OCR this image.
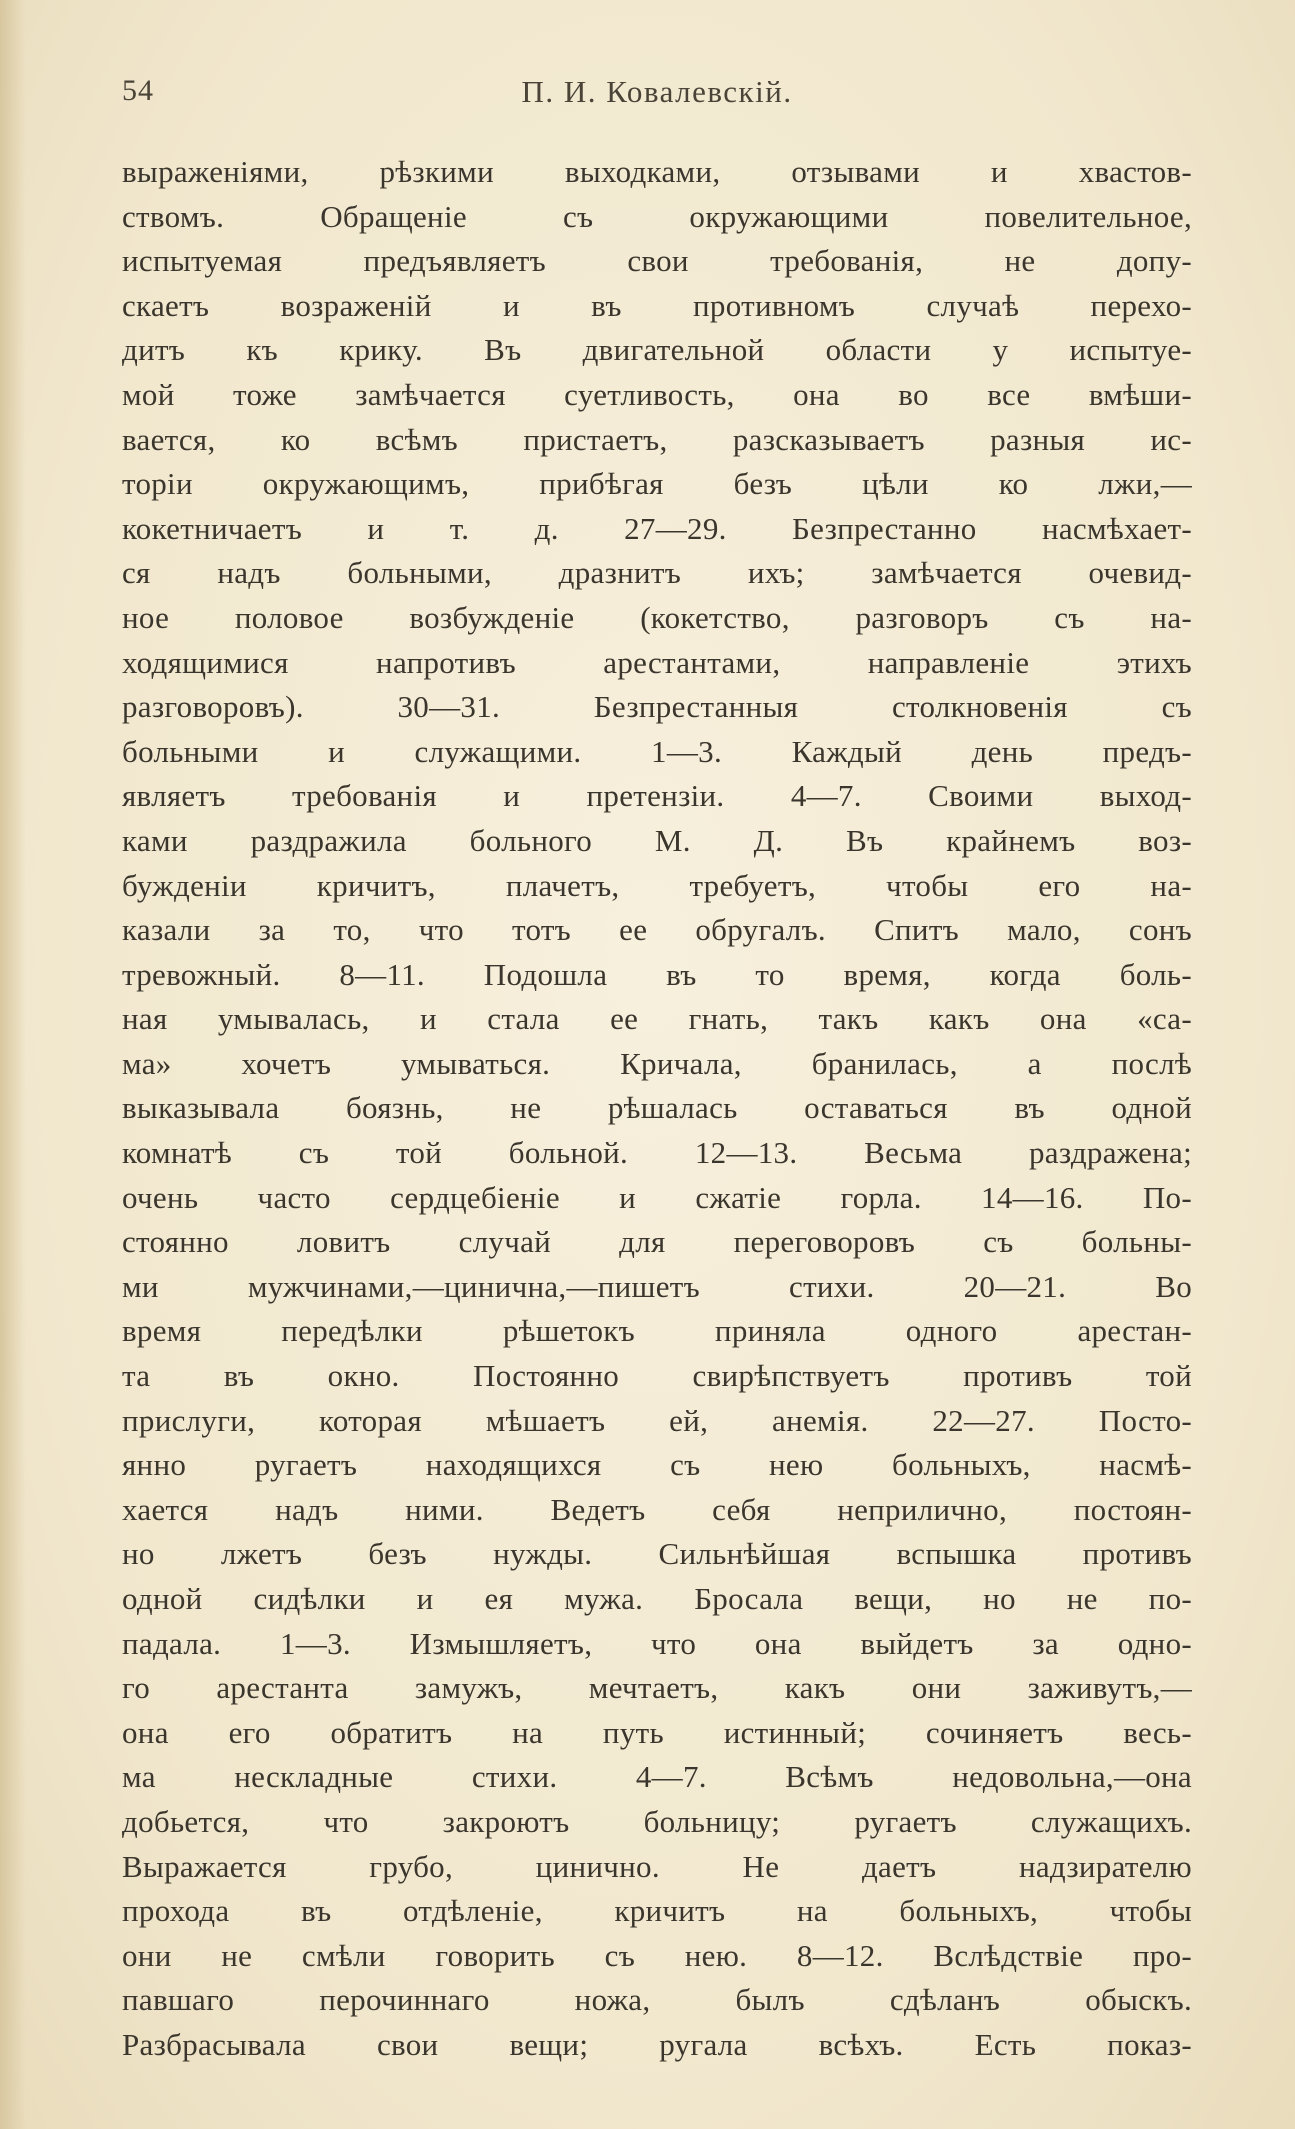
54	П. И. Ковалевскій.
выраженіями, рѣзкими выходками, отзывами и хвастов-
ствомъ. Обращеніе съ окружающими повелительное,
испытуемая предъявляетъ свои требованія, не допу-
скаетъ возраженій и въ противномъ случаѣ перехо-
дитъ къ крику. Въ двигательной области у испытуе-
мой тоже замѣчается суетливость, она во все вмѣши-
вается, ко всѣмъ пристаетъ, разсказываетъ разныя ис-
торіи окружающимъ, прибѣгая безъ цѣли ко лжи,—
кокетничаетъ и т. д. 27—29. Безпрестанно насмѣхает-
ся надъ больными, дразнитъ ихъ; замѣчается очевид-
ное половое возбужденіе (кокетство, разговоръ съ на-
ходящимися напротивъ арестантами, направленіе этихъ
разговоровъ). 30—31. Безпрестанныя столкновенія съ
больными и служащими. 1—3. Каждый день предъ-
являетъ требованія и претензіи. 4—7. Своими выход-
ками раздражила больного М. Д. Въ крайнемъ воз-
бужденіи кричитъ, плачетъ, требуетъ, чтобы его на-
казали за то, что тотъ ее обругалъ. Спитъ мало, сонъ
тревожный. 8—11. Подошла въ то время, когда боль-
ная умывалась, и стала ее гнать, такъ какъ она «са-
ма» хочетъ умываться. Кричала, бранилась, а послѣ
выказывала боязнь, не рѣшалась оставаться въ одной
комнатѣ съ той больной. 12—13. Весьма раздражена;
очень часто сердцебіеніе и сжатіе горла. 14—16. По-
стоянно ловитъ случай для переговоровъ съ больны-
ми мужчинами,—цинична,—пишетъ стихи. 20—21. Во
время передѣлки рѣшетокъ приняла одного арестан-
та въ окно. Постоянно свирѣпствуетъ противъ той
прислуги, которая мѣшаетъ ей, анемія. 22—27. Посто-
янно ругаетъ находящихся съ нею больныхъ, насмѣ-
хается надъ ними. Ведетъ себя неприлично, постоян-
но лжетъ безъ нужды. Сильнѣйшая вспышка противъ
одной сидѣлки и ея мужа. Бросала вещи, но не по-
падала. 1—3. Измышляетъ, что она выйдетъ за одно-
го арестанта замужъ, мечтаетъ, какъ они заживутъ,—
она его обратитъ на путь истинный; сочиняетъ весь-
ма нескладные стихи. 4—7. Всѣмъ недовольна,—она
добьется, что закроютъ больницу; ругаетъ служащихъ.
Выражается грубо, цинично. Не даетъ надзирателю
прохода въ отдѣленіе, кричитъ на больныхъ, чтобы
они не смѣли говорить съ нею. 8—12. Вслѣдствіе про-
павшаго перочиннаго ножа, былъ сдѣланъ обыскъ.
Разбрасывала свои вещи; ругала всѣхъ. Есть показ-
